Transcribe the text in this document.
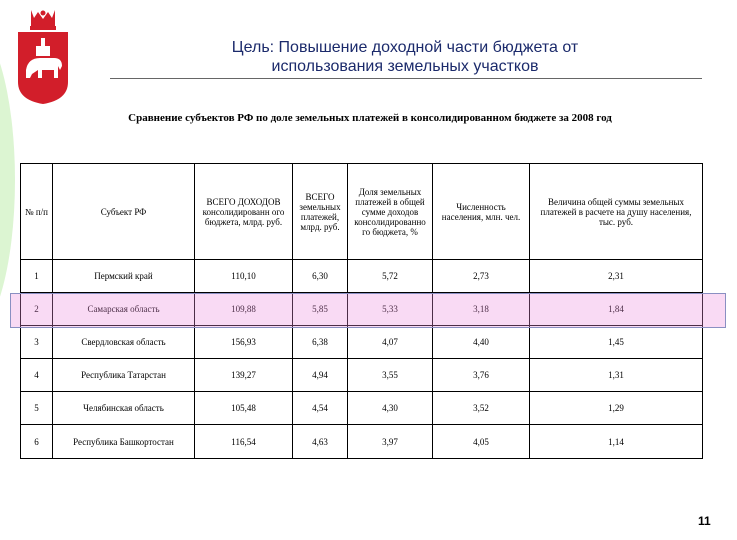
Цель: Повышение доходной части бюджета от
использования земельных участков
Сравнение субъектов РФ по доле земельных платежей в консолидированном бюджете за 2008 год
№ п/п	Субъект РФ	ВСЕГО ДОХОДОВ консолидированн ого бюджета, млрд. руб.	ВСЕГО земельных платежей, млрд. руб.	Доля земельных платежей в общей сумме доходов консолидированно го бюджета, %	Численность населения, млн. чел.	Величина общей суммы земельных платежей в расчете на душу населения, тыс. руб.
1	Пермский край	110,10	6,30	5,72	2,73	2,31
2	Самарская область	109,88	5,85	5,33	3,18	1,84
3	Свердловская область	156,93	6,38	4,07	4,40	1,45
4	Республика Татарстан	139,27	4,94	3,55	3,76	1,31
5	Челябинская область	105,48	4,54	4,30	3,52	1,29
6	Республика Башкортостан	116,54	4,63	3,97	4,05	1,14
11
